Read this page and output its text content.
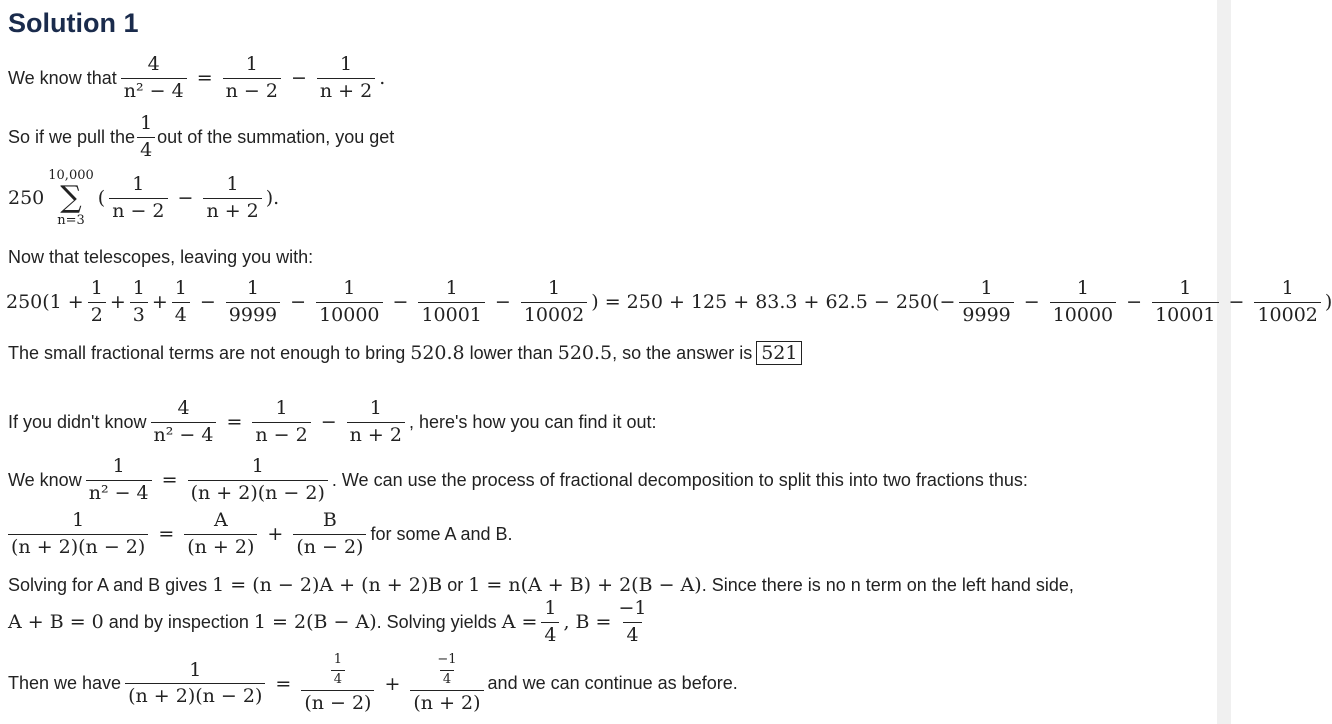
Solution 1
We know that $\frac{4}{\text{n² − 4}} = \frac{1}{n - 2} - \frac{1}{n + 2}$ .
So if we pull the $\frac{1}{4}$ out of the summation, you get
250
10,000
∑
n=3
( $\frac{1}{n - 2} - \frac{1}{n + 2}$ ).
Now that telescopes, leaving you with:
$250(1 + \frac{1}{2} + \frac{1}{3} + \frac{1}{4} - \frac{1}{9999} - \frac{1}{10000} - \frac{1}{10001} - \frac{1}{10002}$ ) = $250 + 125 + 83.3 + 62.5 - 250(- \frac{1}{9999} - \frac{1}{10000} - \frac{1}{10001} - \frac{1}{10002}$ )
The small fractional terms are not enough to bring
520.8
lower than
520.5 , so the answer is 521
If you didn't know $\frac{4}{\text{n² − 4}} = \frac{1}{n - 2} - \frac{1}{n + 2}$ , here's how you can find it out:
We know $\frac{1}{\text{n² − 4}} = \frac{1}{(n + 2)(n - 2)}$ . We can use the process of fractional decomposition to split this into two fractions thus:
$\frac{1}{(n + 2)(n - 2)} = \frac{A}{(n + 2)} + \frac{B}{(n - 2)}$ for some A and B.
Solving for A and B gives
1 = (n − 2)A + (n + 2)B
or
1 = n(A + B) + 2(B − A) . Since there is no n term on the left hand side,
A + B = 0
and by inspection
1 = 2(B − A) . Solving yields
$A = \frac{1}{4}$ , $B = \frac{-1}{4}$
Then we have $\frac{1}{(n + 2)(n - 2)} = \frac{\frac{1}{4}}{(n - 2)} + \frac{\frac{-1}{4}}{(n + 2)}$ and we can continue as before.
